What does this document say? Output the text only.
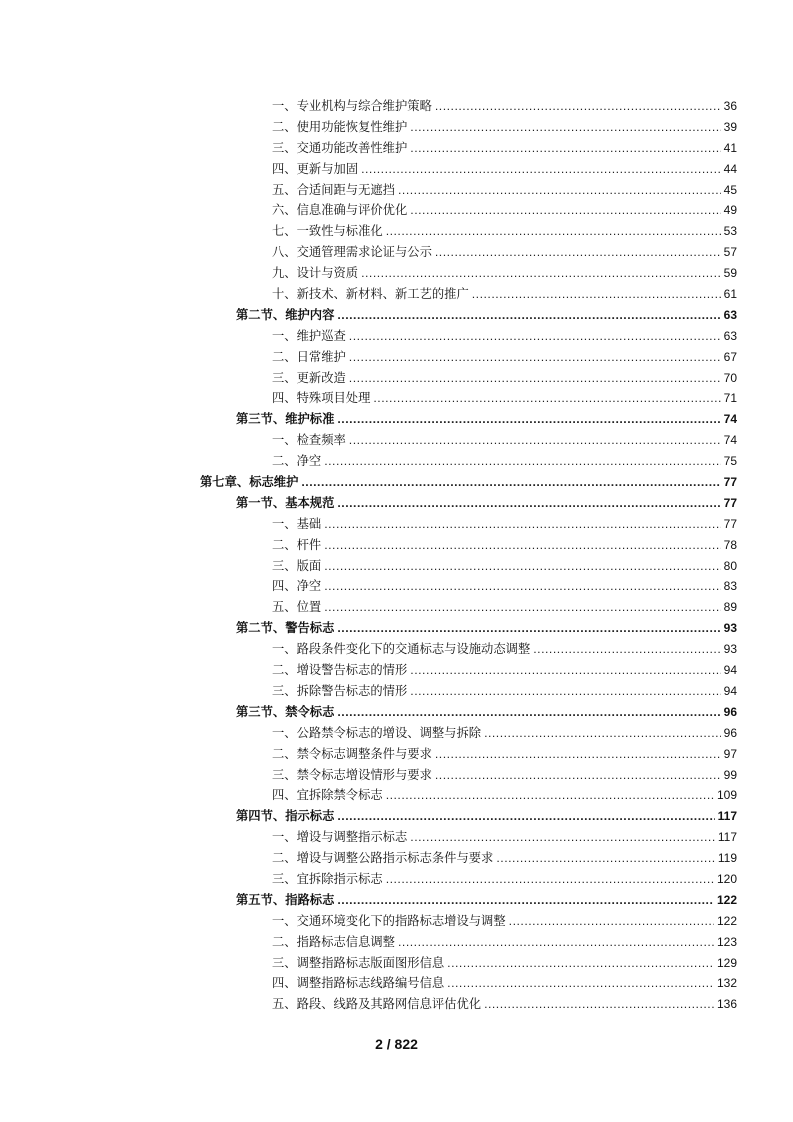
一、专业机构与综合维护策略 .....	36
二、使用功能恢复性维护 .....	39
三、交通功能改善性维护 .....	41
四、更新与加固 .....	44
五、合适间距与无遮挡 .....	45
六、信息准确与评价优化 .....	49
七、一致性与标准化 .....	53
八、交通管理需求论证与公示 .....	57
九、设计与资质 .....	59
十、新技术、新材料、新工艺的推广 .....	61
第二节、维护内容 .....	63
一、维护巡查 .....	63
二、日常维护 .....	67
三、更新改造 .....	70
四、特殊项目处理 .....	71
第三节、维护标准 .....	74
一、检查频率 .....	74
二、净空 .....	75
第七章、标志维护 .....	77
第一节、基本规范 .....	77
一、基础 .....	77
二、杆件 .....	78
三、版面 .....	80
四、净空 .....	83
五、位置 .....	89
第二节、警告标志 .....	93
一、路段条件变化下的交通标志与设施动态调整 .....	93
二、增设警告标志的情形 .....	94
三、拆除警告标志的情形 .....	94
第三节、禁令标志 .....	96
一、公路禁令标志的增设、调整与拆除 .....	96
二、禁令标志调整条件与要求 .....	97
三、禁令标志增设情形与要求 .....	99
四、宜拆除禁令标志 .....	109
第四节、指示标志 .....	117
一、增设与调整指示标志 .....	117
二、增设与调整公路指示标志条件与要求 .....	119
三、宜拆除指示标志 .....	120
第五节、指路标志 .....	122
一、交通环境变化下的指路标志增设与调整 .....	122
二、指路标志信息调整 .....	123
三、调整指路标志版面图形信息 .....	129
四、调整指路标志线路编号信息 .....	132
五、路段、线路及其路网信息评估优化 .....	136
2 / 822
